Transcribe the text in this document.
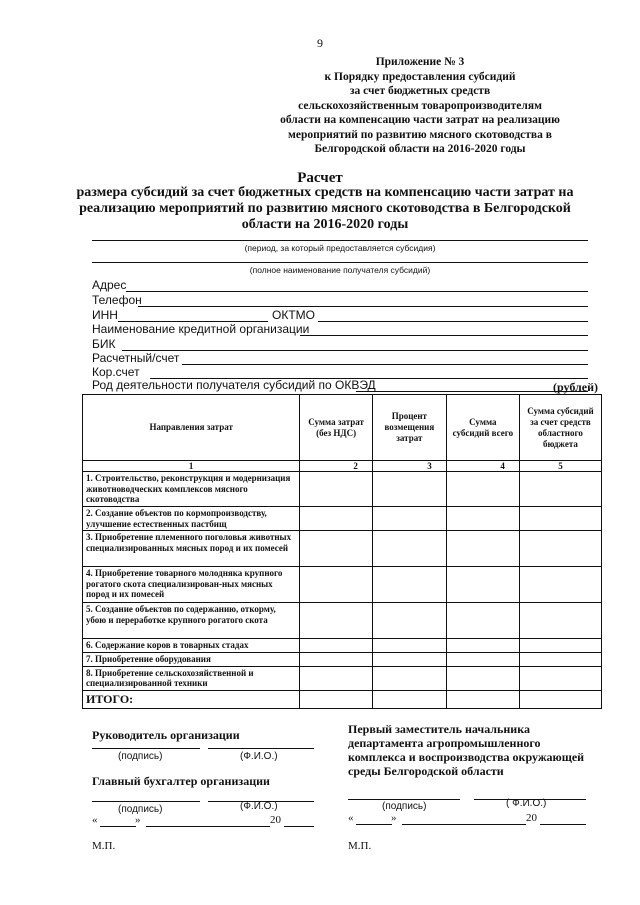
9
Приложение № 3
к Порядку предоставления субсидий
за счет бюджетных средств
сельскохозяйственным товаропроизводителям
области на компенсацию части затрат на реализацию
мероприятий по развитию мясного скотоводства в
Белгородской области на 2016-2020 годы
Расчет
размера субсидий за счет бюджетных средств на компенсацию части затрат на реализацию мероприятий по развитию мясного скотоводства в Белгородской области на 2016-2020 годы
(период, за который предоставляется субсидия)
(полное наименование получателя субсидий)
Адрес
Телефон
ИНН	ОКТМО
Наименование кредитной организации
БИК
Расчетный/счет
Кор.счет
Род деятельности получателя субсидий по ОКВЭД	(рублей)
Направления затрат	Сумма затрат (без НДС)	Процент возмещения затрат	Сумма субсидий всего	Сумма субсидий за счет средств областного бюджета
1	2	3	4	5
1. Строительство, реконструкция и модернизация животноводческих комплексов мясного скотоводства				
2. Создание объектов по кормопроизводству, улучшение естественных пастбищ				
3. Приобретение племенного поголовья животных специализированных мясных пород и их помесей				
4. Приобретение товарного молодняка крупного рогатого скота специализирован-ных мясных пород и их помесей				
5. Создание объектов по содержанию, откорму, убою и переработке крупного рогатого скота				
6. Содержание коров в товарных стадах				
7. Приобретение оборудования				
8. Приобретение сельскохозяйственной и специализированной техники				
ИТОГО:				
Руководитель организации
(подпись)	(Ф.И.О.)
Главный бухгалтер организации
(подпись)	(Ф.И.О.)
«	»	20
М.П.
Первый заместитель начальника департамента агропромышленного комплекса и воспроизводства окружающей среды Белгородской области
(подпись)	( Ф.И.О.)
«	»	20
М.П.
